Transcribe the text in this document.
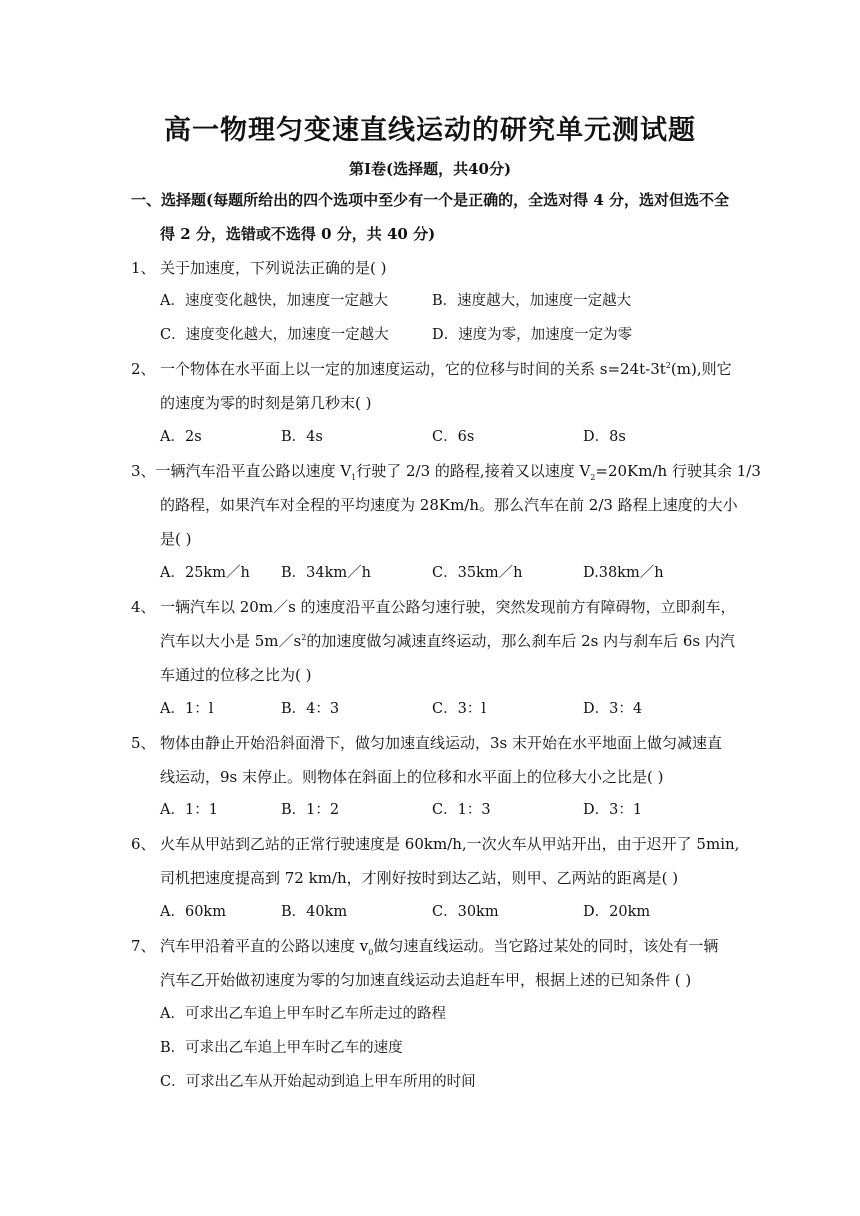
高一物理匀变速直线运动的研究单元测试题
第Ⅰ卷(选择题，共40分)
一、选择题(每题所给出的四个选项中至少有一个是正确的，全选对得 4 分，选对但选不全
得 2 分，选错或不选得 0 分，共 40 分)
1、 关于加速度，下列说法正确的是( )
A．速度变化越快，加速度一定越大	B．速度越大，加速度一定越大
C．速度变化越大，加速度一定越大	D．速度为零，加速度一定为零
2、 一个物体在水平面上以一定的加速度运动，它的位移与时间的关系 $s=24t-3t^2(m)$,则它
的速度为零的时刻是第几秒末( )
A．2s	B．4s	C．6s	D．8s
3、一辆汽车沿平直公路以速度 $V_1$行驶了 2/3 的路程,接着又以速度 $V_2=20Km/h$ 行驶其余 1/3
的路程，如果汽车对全程的平均速度为 28Km/h。那么汽车在前 2/3 路程上速度的大小
是( )
A．25km／h B．34km／h	C．35km／h	D.38km／h
4、 一辆汽车以 20m／s 的速度沿平直公路匀速行驶，突然发现前方有障碍物，立即刹车，
汽车以大小是 $5m/s^2$的加速度做匀减速直终运动，那么刹车后 2s 内与刹车后 6s 内汽
车通过的位移之比为( )
A．1：l	B．4：3	C．3：l	D．3：4
5、 物体由静止开始沿斜面滑下，做匀加速直线运动，3s 末开始在水平地面上做匀减速直
线运动，9s 末停止。则物体在斜面上的位移和水平面上的位移大小之比是( )
A．1：1	B．1：2	C．1：3	D．3：1
6、 火车从甲站到乙站的正常行驶速度是 60km/h,一次火车从甲站开出，由于迟开了 5min,
司机把速度提高到 72 km/h，才刚好按时到达乙站，则甲、乙两站的距离是( )
A．60km	B．40km	C．30km	D．20km
7、 汽车甲沿着平直的公路以速度 $v_0$做匀速直线运动。当它路过某处的同时，该处有一辆
汽车乙开始做初速度为零的匀加速直线运动去追赶车甲，根据上述的已知条件 ( )
A．可求出乙车追上甲车时乙车所走过的路程
B．可求出乙车追上甲车时乙车的速度
C．可求出乙车从开始起动到追上甲车所用的时间
